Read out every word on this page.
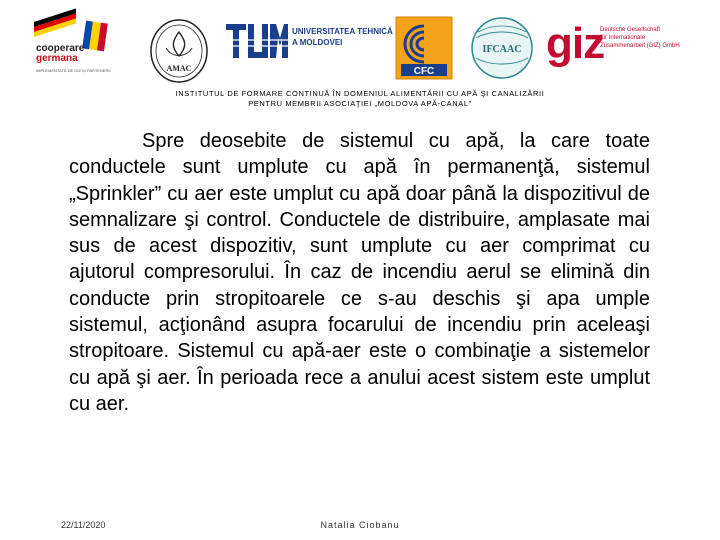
cooperare
germana
IMPLEMENTATĂ DE GIZ ȘI PARTENERII	AMAC
UNIVERSITATEA TEHNICĂ
A MOLDOVEI
CFC
IFCAAC giz
Deutsche Gesellschaft
für Internationale
Zusammenarbeit (GIZ) GmbH
INSTITUTUL DE FORMARE CONTINUĂ ÎN DOMENIUL ALIMENTĂRII CU APĂ ŞI CANALIZĂRII
PENTRU MEMBRII ASOCIAŢIEI „MOLDOVA APĂ-CANAL”

Spre deosebite de sistemul cu apă, la care toate conductele sunt umplute cu apă în permanenţă, sistemul „Sprinkler” cu aer este umplut cu apă doar până la dispozitivul de semnalizare şi control. Conductele de distribuire, amplasate mai sus de acest dispozitiv, sunt umplute cu aer comprimat cu ajutorul compresorului. În caz de incendiu aerul se elimină din conducte prin stropitoarele ce s-au deschis şi apa umple sistemul, acţionând asupra focarului de incendiu prin aceleaşi stropitoare. Sistemul cu apă-aer este o combinaţie a sistemelor cu apă şi aer. În perioada rece a anului acest sistem este umplut cu aer.

22/11/2020	Natalia Ciobanu
